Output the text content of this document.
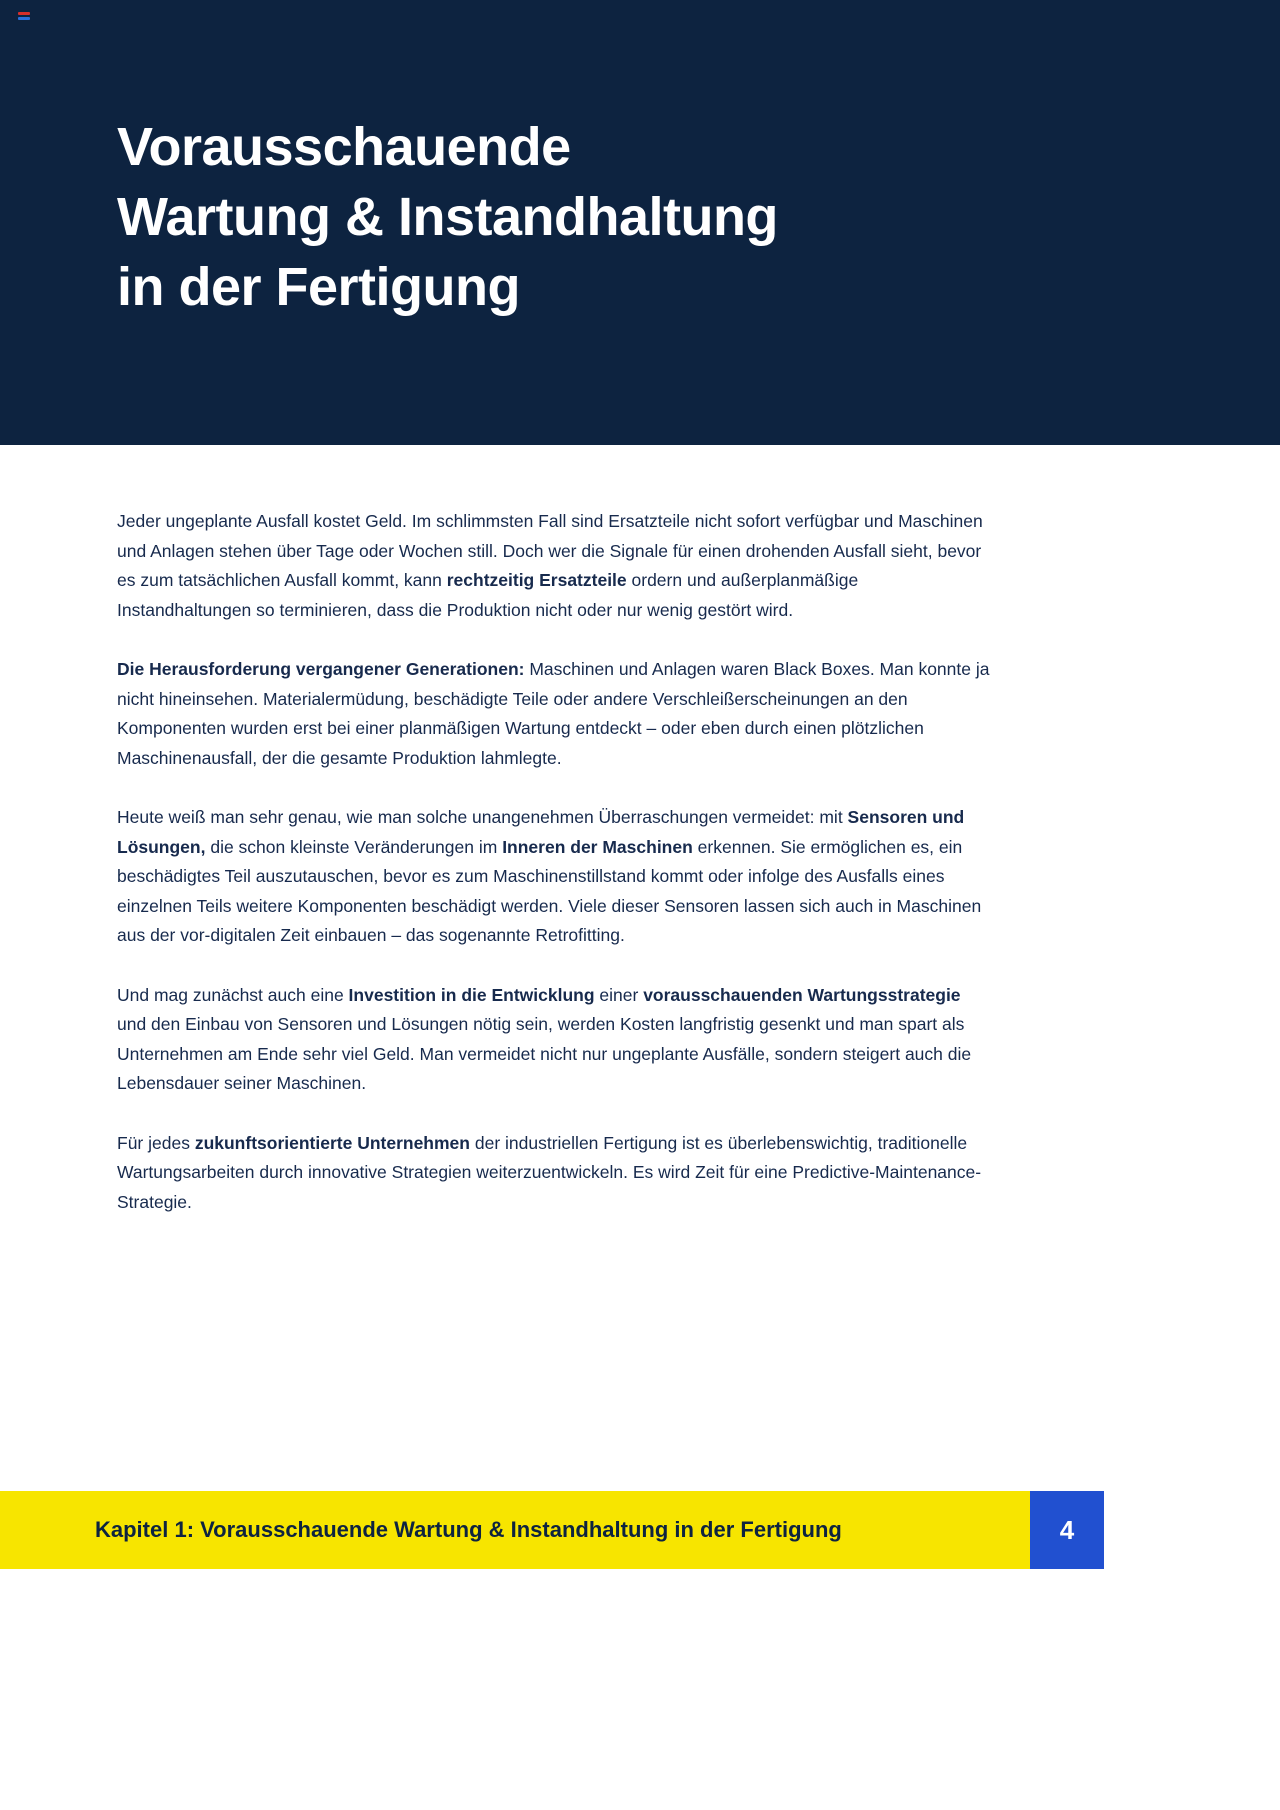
Vorausschauende
Wartung & Instandhaltung
in der Fertigung

Jeder ungeplante Ausfall kostet Geld. Im schlimmsten Fall sind Ersatzteile nicht sofort verfügbar und Maschinen und Anlagen stehen über Tage oder Wochen still. Doch wer die Signale für einen drohenden Ausfall sieht, bevor es zum tatsächlichen Ausfall kommt, kann rechtzeitig Ersatzteile ordern und außerplanmäßige Instandhaltungen so terminieren, dass die Produktion nicht oder nur wenig gestört wird.

Die Herausforderung vergangener Generationen: Maschinen und Anlagen waren Black Boxes. Man konnte ja nicht hineinsehen. Materialermüdung, beschädigte Teile oder andere Verschleißerscheinungen an den Komponenten wurden erst bei einer planmäßigen Wartung entdeckt – oder eben durch einen plötzlichen Maschinenausfall, der die gesamte Produktion lahmlegte.

Heute weiß man sehr genau, wie man solche unangenehmen Überraschungen vermeidet: mit Sensoren und Lösungen, die schon kleinste Veränderungen im Inneren der Maschinen erkennen. Sie ermöglichen es, ein beschädigtes Teil auszutauschen, bevor es zum Maschinenstillstand kommt oder infolge des Ausfalls eines einzelnen Teils weitere Komponenten beschädigt werden. Viele dieser Sensoren lassen sich auch in Maschinen aus der vor-digitalen Zeit einbauen – das sogenannte Retrofitting.

Und mag zunächst auch eine Investition in die Entwicklung einer vorausschauenden Wartungsstrategie und den Einbau von Sensoren und Lösungen nötig sein, werden Kosten langfristig gesenkt und man spart als Unternehmen am Ende sehr viel Geld. Man vermeidet nicht nur ungeplante Ausfälle, sondern steigert auch die Lebensdauer seiner Maschinen.

Für jedes zukunftsorientierte Unternehmen der industriellen Fertigung ist es überlebenswichtig, traditionelle Wartungsarbeiten durch innovative Strategien weiterzuentwickeln. Es wird Zeit für eine Predictive-Maintenance-Strategie.

Kapitel 1: Vorausschauende Wartung & Instandhaltung in der Fertigung	4
